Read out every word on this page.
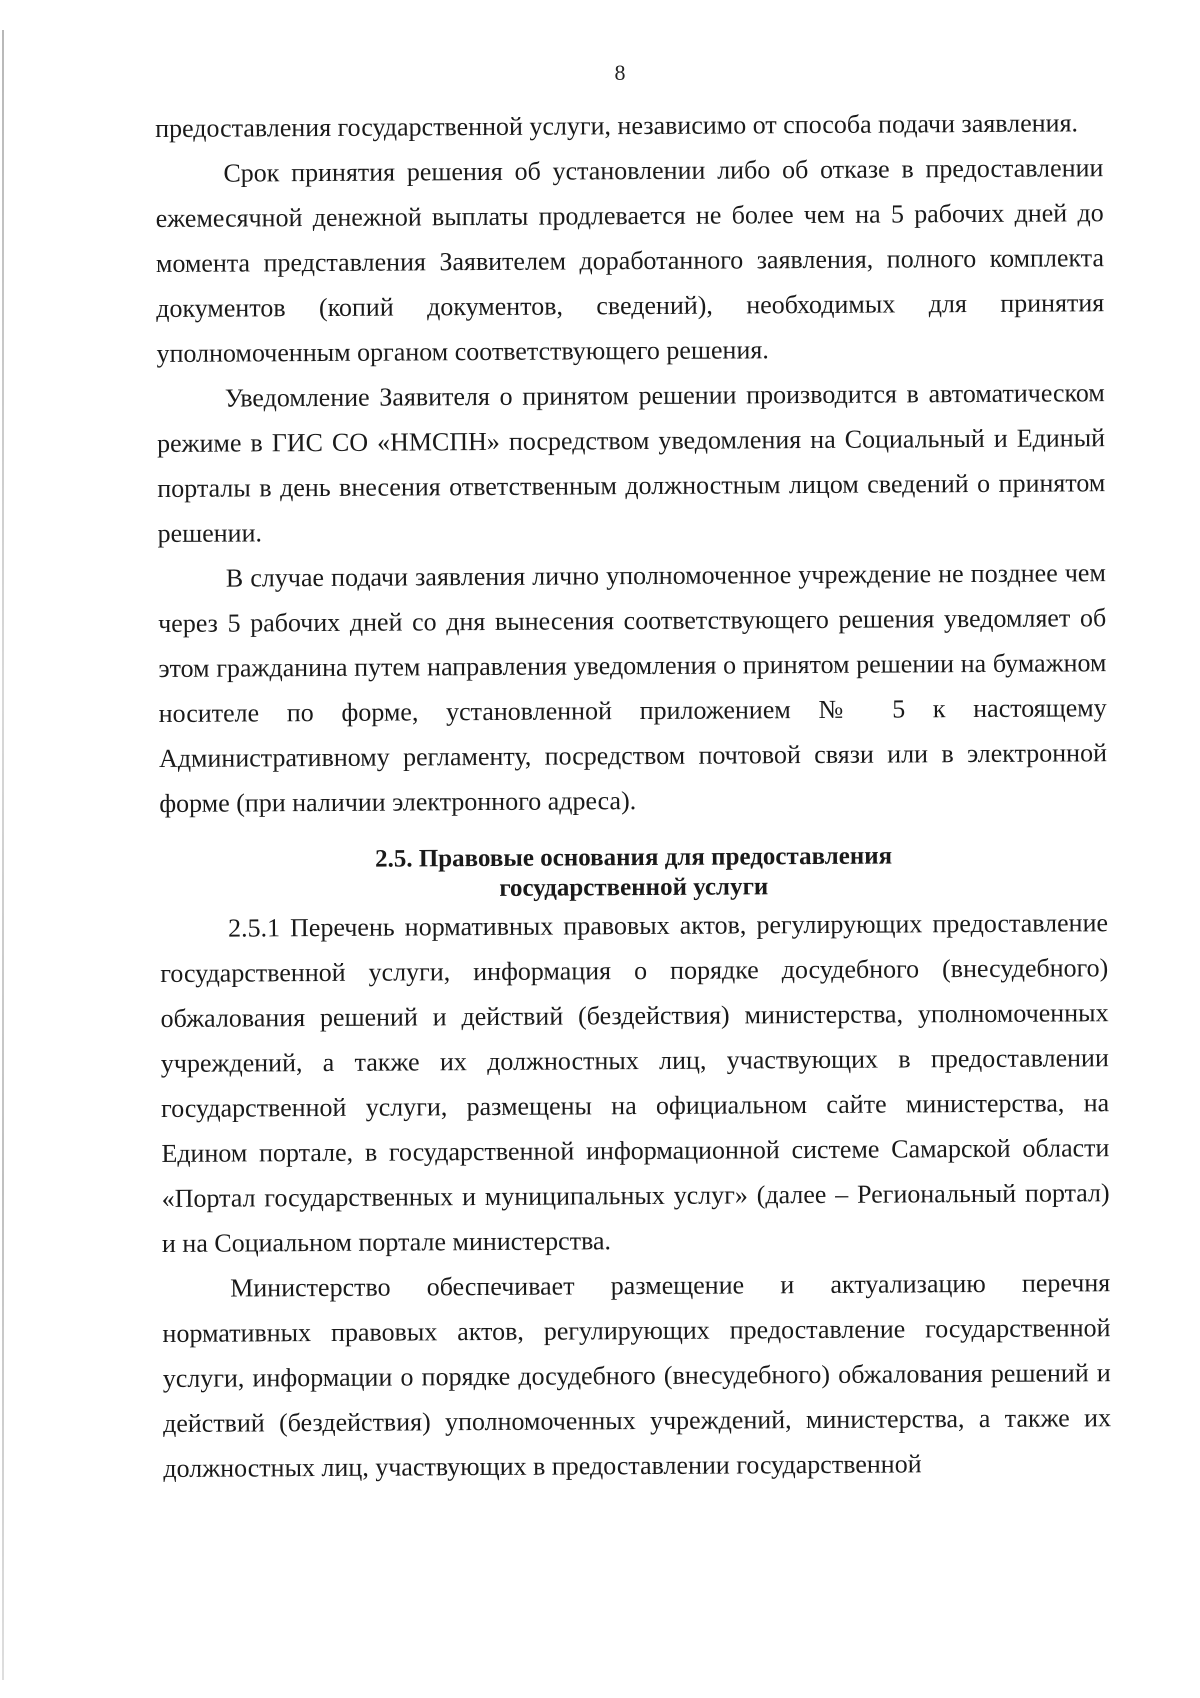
8

предоставления государственной услуги, независимо от способа подачи заявления.

Срок принятия решения об установлении либо об отказе в предоставлении ежемесячной денежной выплаты продлевается не более чем на 5 рабочих дней до момента представления Заявителем доработанного заявления, полного комплекта документов (копий документов, сведений), необходимых для принятия уполномоченным органом соответствующего решения.

Уведомление Заявителя о принятом решении производится в автоматическом режиме в ГИС СО «НМСПН» посредством уведомления на Социальный и Единый порталы в день внесения ответственным должностным лицом сведений о принятом решении.

В случае подачи заявления лично уполномоченное учреждение не позднее чем через 5 рабочих дней со дня вынесения соответствующего решения уведомляет об этом гражданина путем направления уведомления о принятом решении на бумажном носителе по форме, установленной приложением № 5 к настоящему Административному регламенту, посредством почтовой связи или в электронной форме (при наличии электронного адреса).

2.5. Правовые основания для предоставления
государственной услуги

2.5.1 Перечень нормативных правовых актов, регулирующих предоставление государственной услуги, информация о порядке досудебного (внесудебного) обжалования решений и действий (бездействия) министерства, уполномоченных учреждений, а также их должностных лиц, участвующих в предоставлении государственной услуги, размещены на официальном сайте министерства, на Едином портале, в государственной информационной системе Самарской области «Портал государственных и муниципальных услуг» (далее – Региональный портал) и на Социальном портале министерства.

Министерство обеспечивает размещение и актуализацию перечня нормативных правовых актов, регулирующих предоставление государственной услуги, информации о порядке досудебного (внесудебного) обжалования решений и действий (бездействия) уполномоченных учреждений, министерства, а также их должностных лиц, участвующих в предоставлении государственной
